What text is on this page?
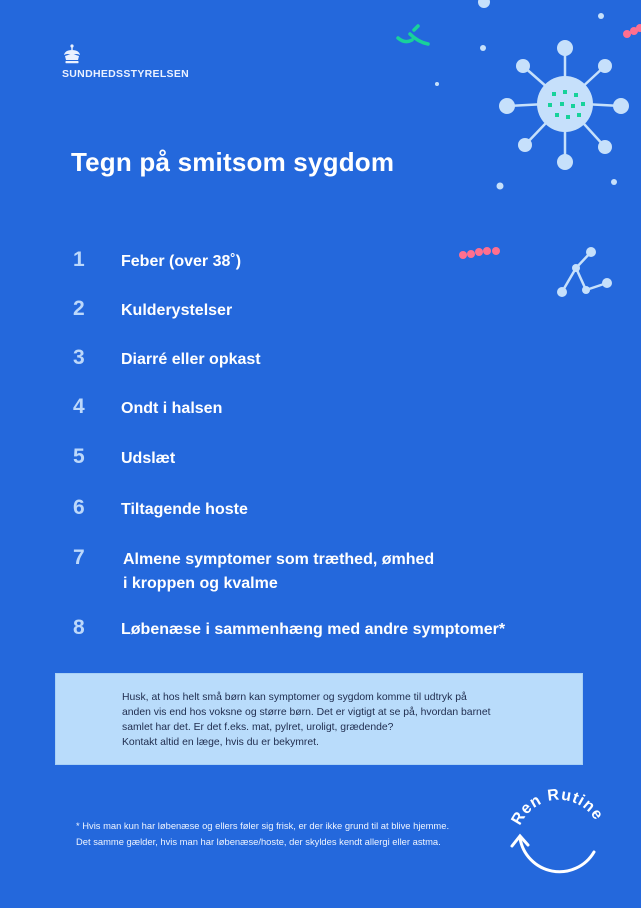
SUNDHEDSSTYRELSEN
Tegn på smitsom sygdom
1 Feber (over 38˚)
2 Kulderystelser
3 Diarré eller opkast
4 Ondt i halsen
5 Udslæt
6 Tiltagende hoste
7 Almene symptomer som træthed, ømhed
i kroppen og kvalme
8 Løbenæse i sammenhæng med andre symptomer*
Husk, at hos helt små børn kan symptomer og sygdom komme til udtryk på
anden vis end hos voksne og større børn. Det er vigtigt at se på, hvordan barnet
samlet har det. Er det f.eks. mat, pylret, uroligt, grædende?
Kontakt altid en læge, hvis du er bekymret.
* Hvis man kun har løbenæse og ellers føler sig frisk, er der ikke grund til at blive hjemme.
Det samme gælder, hvis man har løbenæse/hoste, der skyldes kendt allergi eller astma.
Ren Rutine
